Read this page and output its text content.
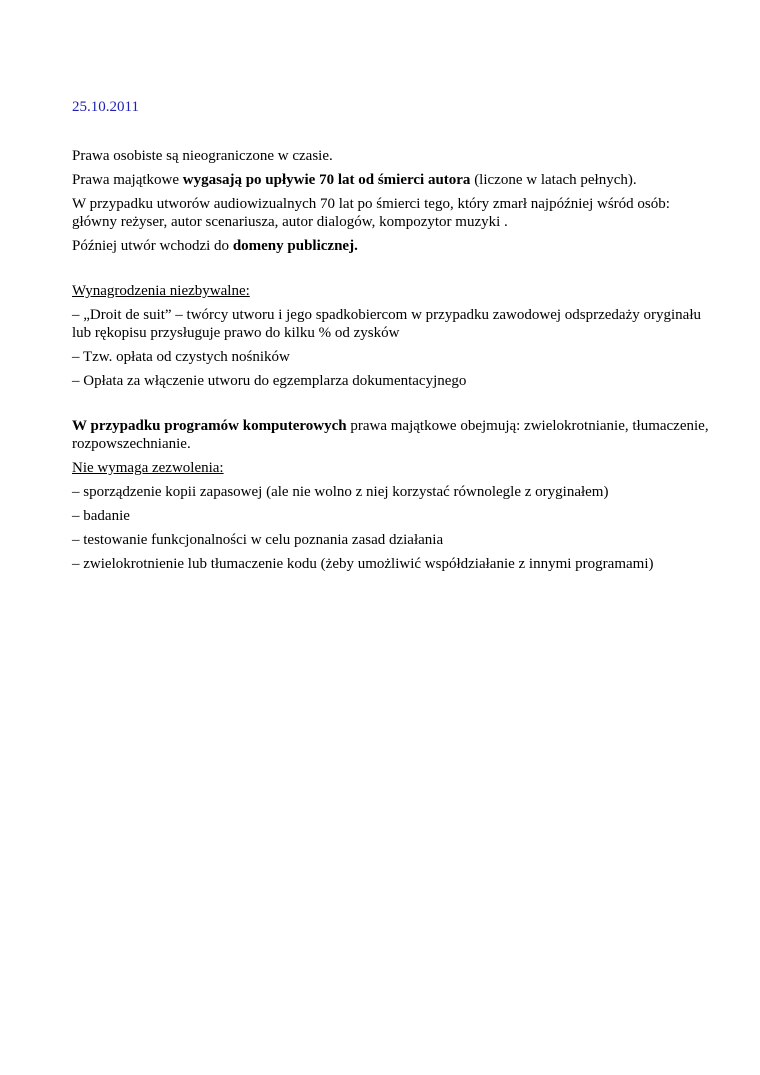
25.10.2011

Prawa osobiste są nieograniczone w czasie.

Prawa majątkowe wygasają po upływie 70 lat od śmierci autora (liczone w latach pełnych).

W przypadku utworów audiowizualnych 70 lat po śmierci tego, który zmarł najpóźniej wśród osób: główny reżyser, autor scenariusza, autor dialogów, kompozytor muzyki .

Później utwór wchodzi do domeny publicznej.

Wynagrodzenia niezbywalne:

– „Droit de suit” – twórcy utworu i jego spadkobiercom w przypadku zawodowej odsprzedaży oryginału lub rękopisu przysługuje prawo do kilku % od zysków

– Tzw. opłata od czystych nośników

– Opłata za włączenie utworu do egzemplarza dokumentacyjnego

W przypadku programów komputerowych prawa majątkowe obejmują: zwielokrotnianie, tłumaczenie, rozpowszechnianie.

Nie wymaga zezwolenia:

– sporządzenie kopii zapasowej (ale nie wolno z niej korzystać równolegle z oryginałem)

– badanie

– testowanie funkcjonalności w celu poznania zasad działania

– zwielokrotnienie lub tłumaczenie kodu (żeby umożliwić współdziałanie z innymi programami)
